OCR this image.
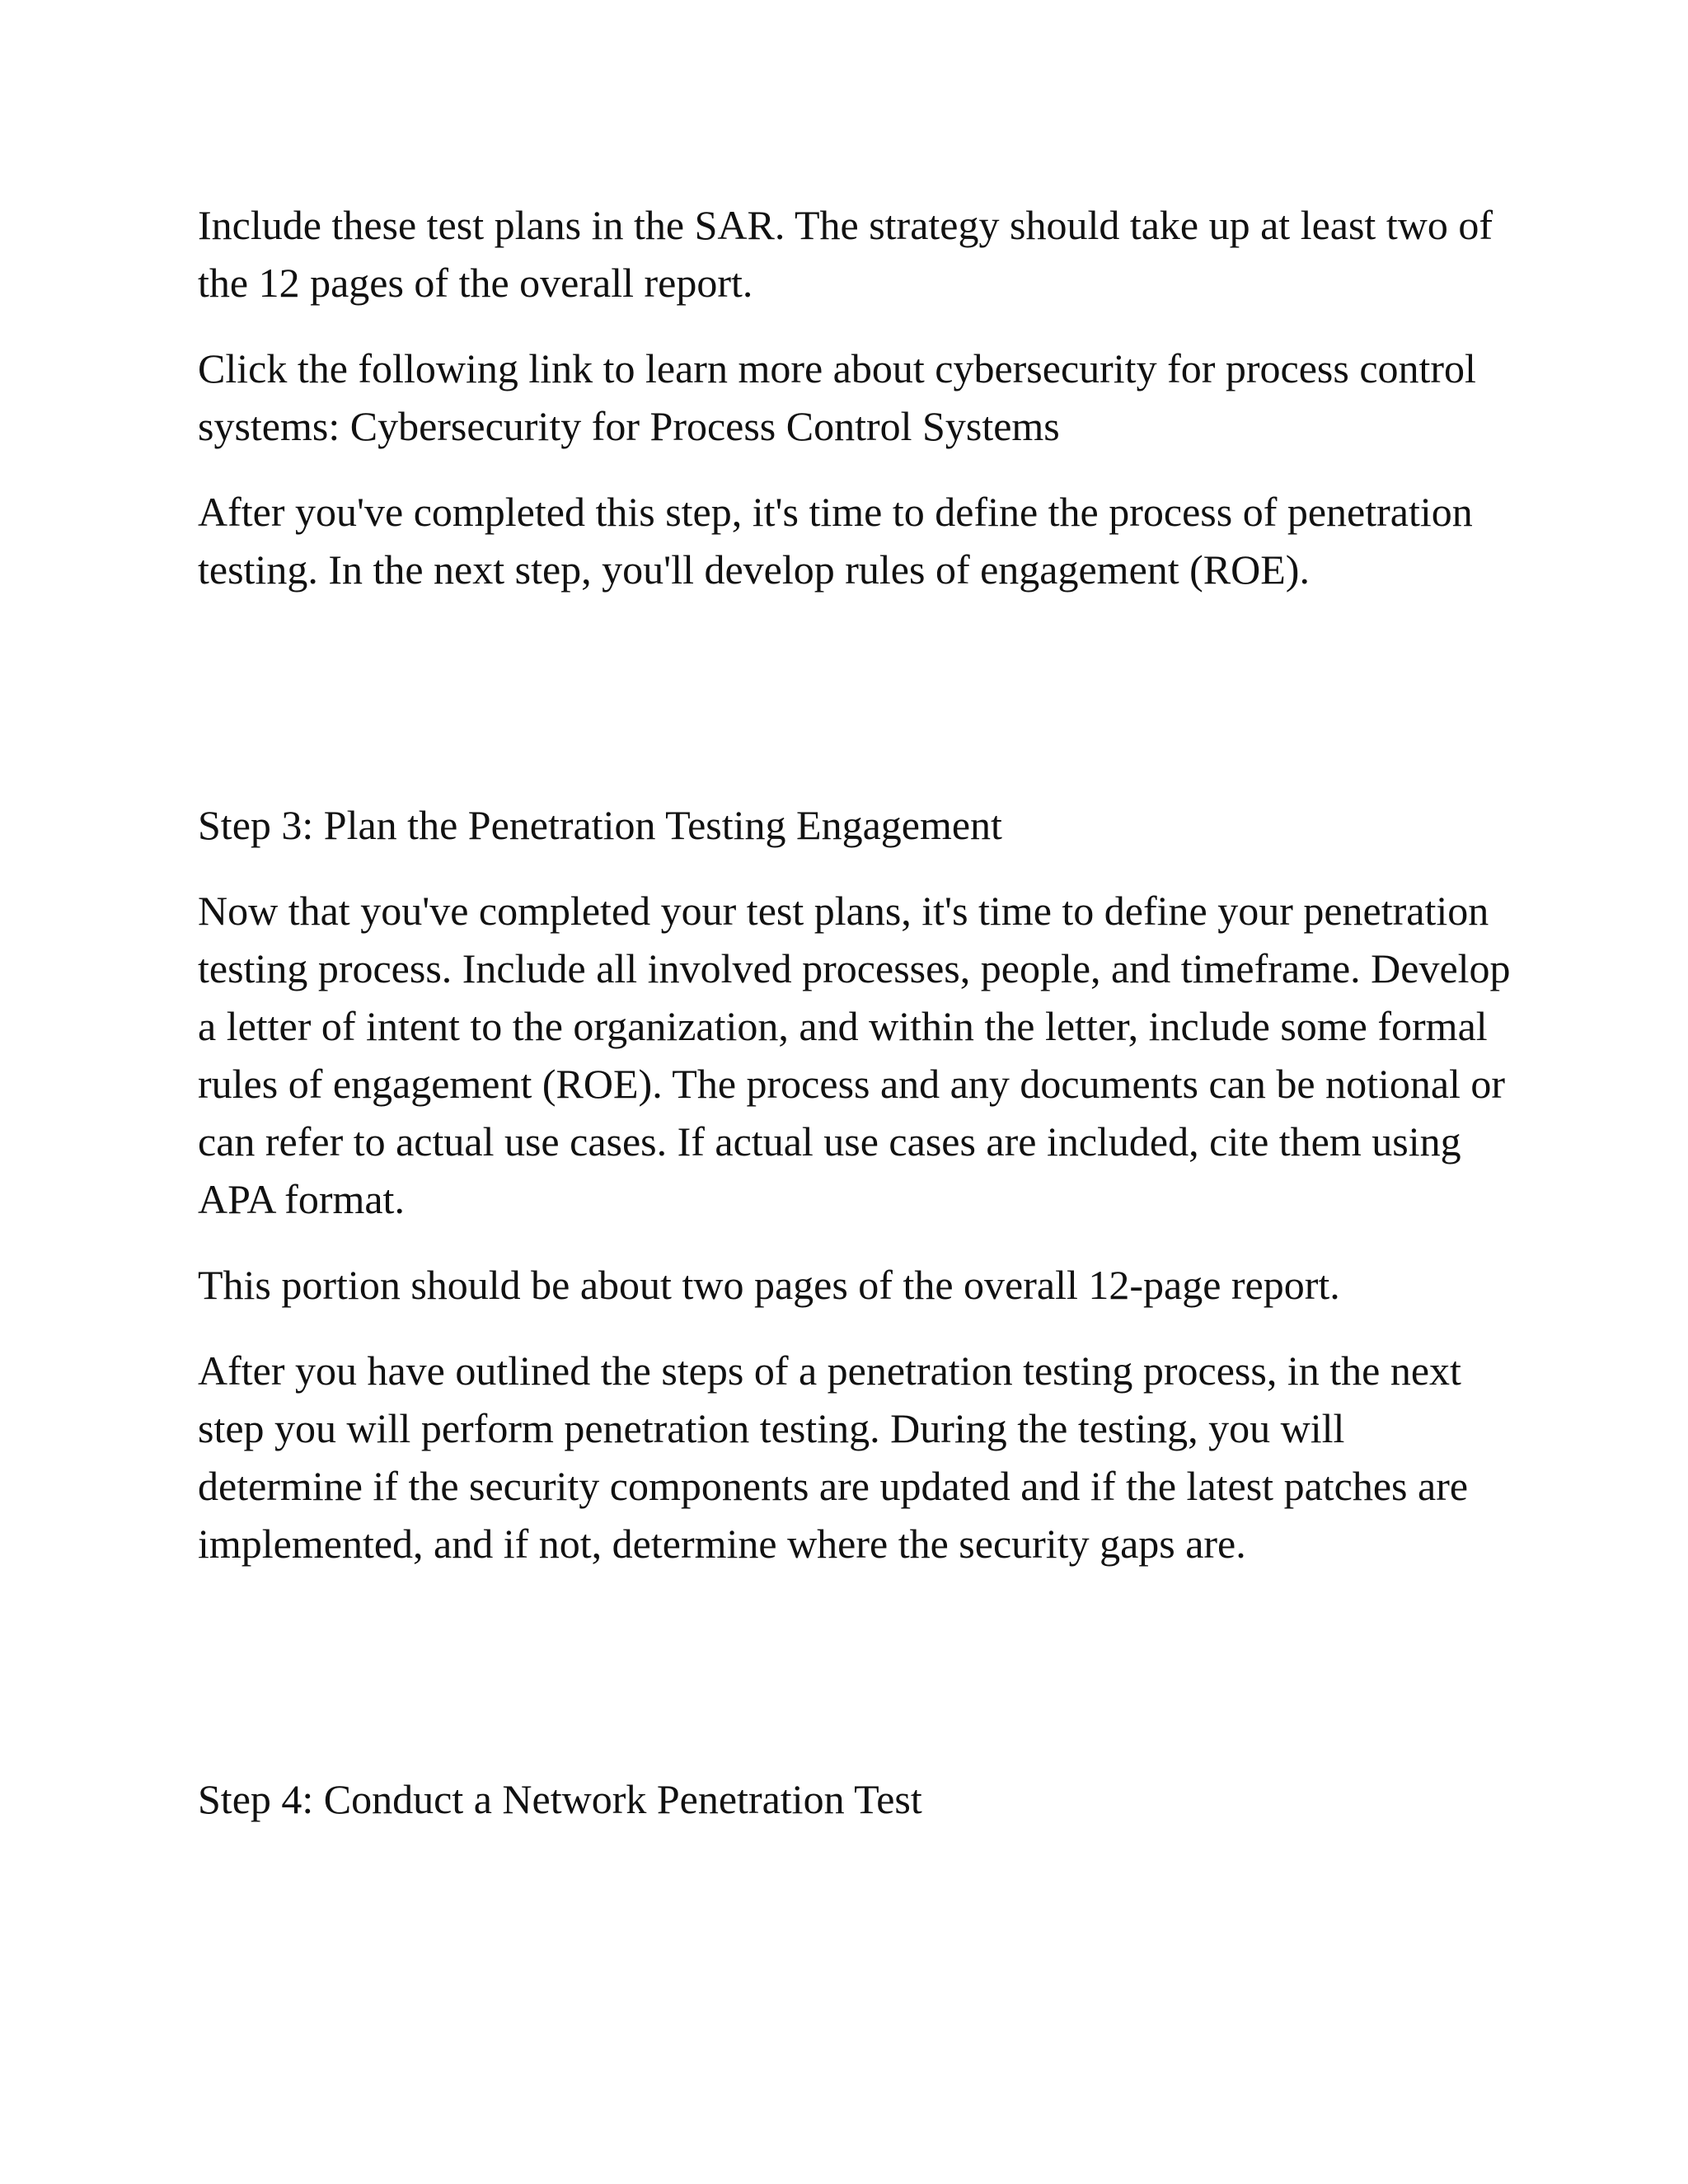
Include these test plans in the SAR. The strategy should take up at least two of the 12 pages of the overall report.

Click the following link to learn more about cybersecurity for process control systems: Cybersecurity for Process Control Systems

After you've completed this step, it's time to define the process of penetration testing. In the next step, you'll develop rules of engagement (ROE).

Step 3: Plan the Penetration Testing Engagement

Now that you've completed your test plans, it's time to define your penetration testing process. Include all involved processes, people, and timeframe. Develop a letter of intent to the organization, and within the letter, include some formal rules of engagement (ROE). The process and any documents can be notional or can refer to actual use cases. If actual use cases are included, cite them using APA format.

This portion should be about two pages of the overall 12-page report.

After you have outlined the steps of a penetration testing process, in the next step you will perform penetration testing. During the testing, you will determine if the security components are updated and if the latest patches are implemented, and if not, determine where the security gaps are.

Step 4: Conduct a Network Penetration Test
